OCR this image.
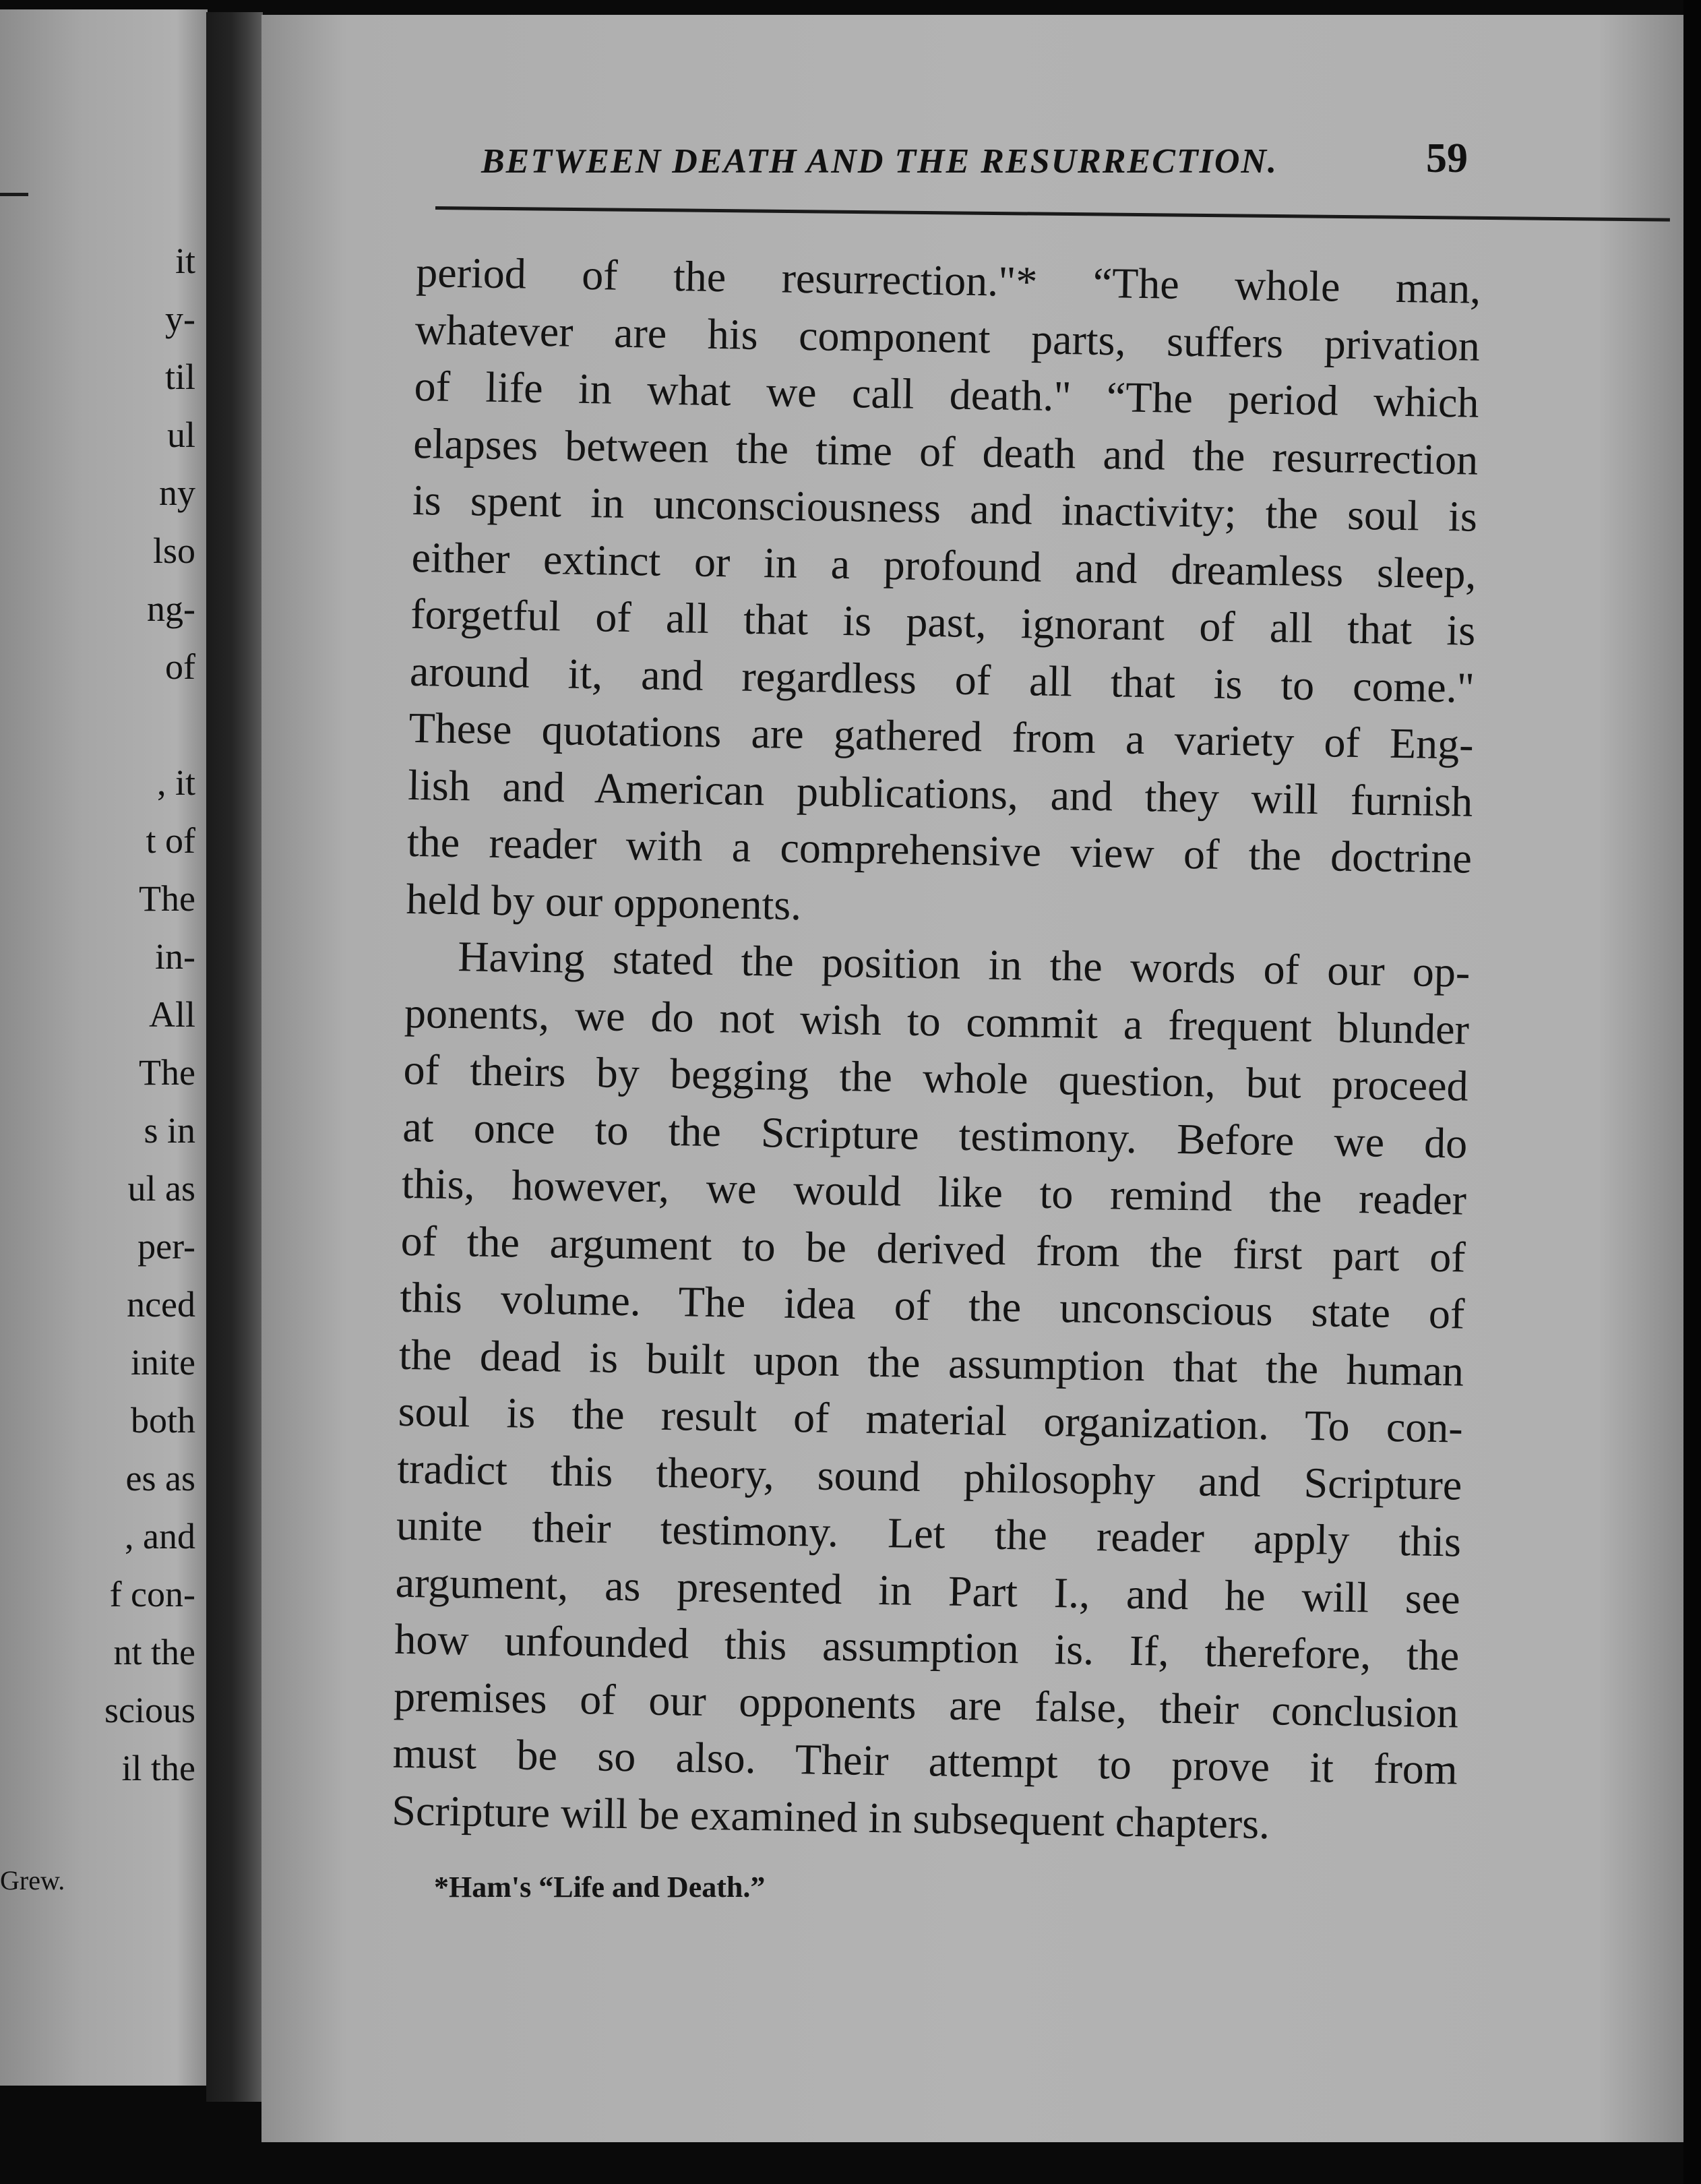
it
y-
til
ul
ny
lso
ng-
of

, it
t of
The
in-
All
The
s in
ul as
per-
nced
inite
both
es as
, and
f con-
nt the
scious
il the
Grew.
BETWEEN DEATH AND THE RESURRECTION.	59
period of the resurrection."* “The whole man,
whatever are his component parts, suffers privation
of life in what we call death." “The period which
elapses between the time of death and the resurrection
is spent in unconsciousness and inactivity; the soul is
either extinct or in a profound and dreamless sleep,
forgetful of all that is past, ignorant of all that is
around it, and regardless of all that is to come."
These quotations are gathered from a variety of Eng-
lish and American publications, and they will furnish
the reader with a comprehensive view of the doctrine
held by our opponents.
Having stated the position in the words of our op-
ponents, we do not wish to commit a frequent blunder
of theirs by begging the whole question, but proceed
at once to the Scripture testimony. Before we do
this, however, we would like to remind the reader
of the argument to be derived from the first part of
this volume. The idea of the unconscious state of
the dead is built upon the assumption that the human
soul is the result of material organization. To con-
tradict this theory, sound philosophy and Scripture
unite their testimony. Let the reader apply this
argument, as presented in Part I., and he will see
how unfounded this assumption is. If, therefore, the
premises of our opponents are false, their conclusion
must be so also. Their attempt to prove it from
Scripture will be examined in subsequent chapters.
*Ham's “Life and Death.”
